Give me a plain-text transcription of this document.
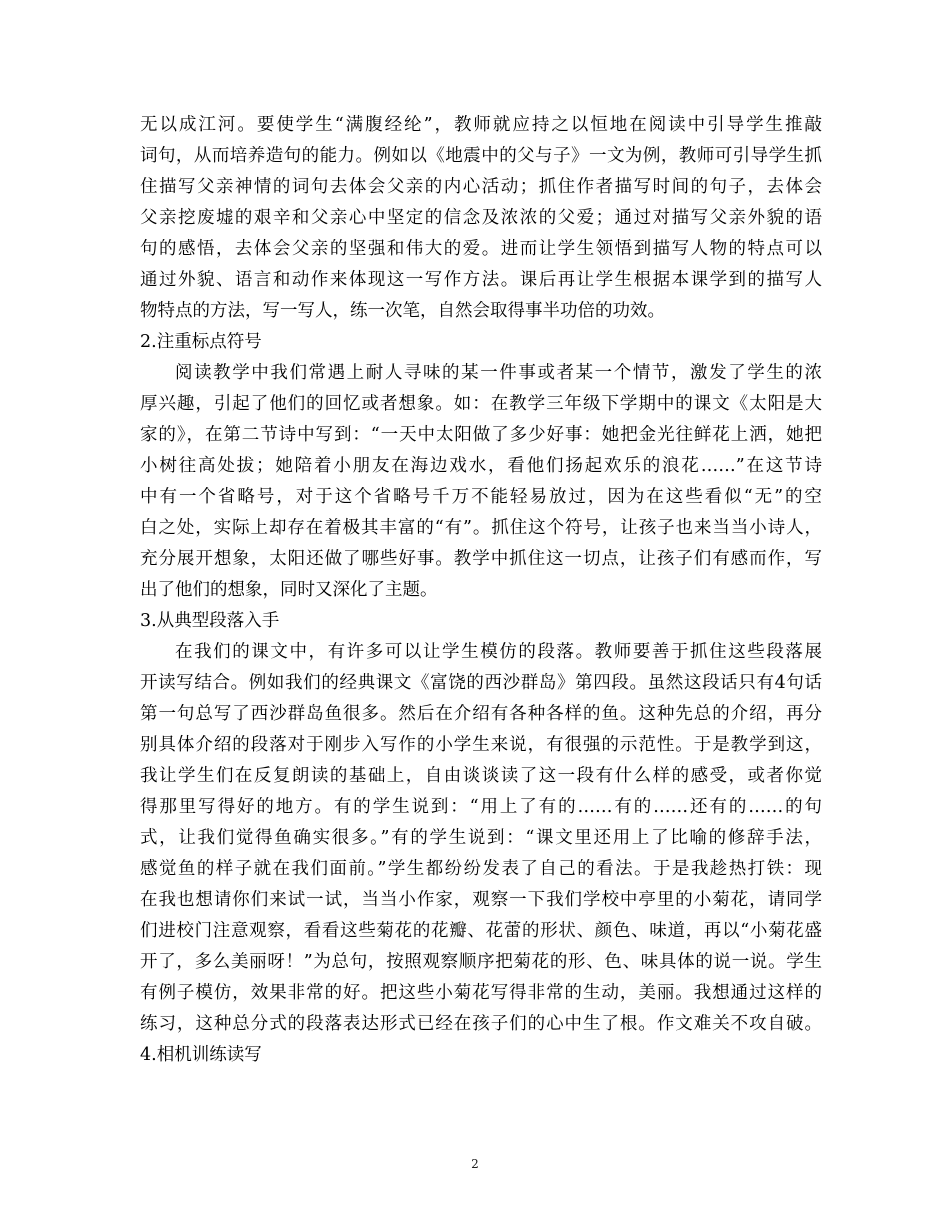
无以成江河。要使学生“满腹经纶”，教师就应持之以恒地在阅读中引导学生推敲
词句，从而培养造句的能力。例如以《地震中的父与子》一文为例，教师可引导学生抓
住描写父亲神情的词句去体会父亲的内心活动；抓住作者描写时间的句子，去体会
父亲挖废墟的艰辛和父亲心中坚定的信念及浓浓的父爱；通过对描写父亲外貌的语
句的感悟，去体会父亲的坚强和伟大的爱。进而让学生领悟到描写人物的特点可以
通过外貌、语言和动作来体现这一写作方法。课后再让学生根据本课学到的描写人
物特点的方法，写一写人，练一次笔，自然会取得事半功倍的功效。
2.注重标点符号
阅读教学中我们常遇上耐人寻味的某一件事或者某一个情节，激发了学生的浓
厚兴趣，引起了他们的回忆或者想象。如：在教学三年级下学期中的课文《太阳是大
家的》，在第二节诗中写到：“一天中太阳做了多少好事：她把金光往鲜花上洒，她把
小树往高处拔；她陪着小朋友在海边戏水，看他们扬起欢乐的浪花……”在这节诗
中有一个省略号，对于这个省略号千万不能轻易放过，因为在这些看似“无”的空
白之处，实际上却存在着极其丰富的“有”。抓住这个符号，让孩子也来当当小诗人，
充分展开想象，太阳还做了哪些好事。教学中抓住这一切点，让孩子们有感而作，写
出了他们的想象，同时又深化了主题。
3.从典型段落入手
在我们的课文中，有许多可以让学生模仿的段落。教师要善于抓住这些段落展
开读写结合。例如我们的经典课文《富饶的西沙群岛》第四段。虽然这段话只有4句话
第一句总写了西沙群岛鱼很多。然后在介绍有各种各样的鱼。这种先总的介绍，再分
别具体介绍的段落对于刚步入写作的小学生来说，有很强的示范性。于是教学到这，
我让学生们在反复朗读的基础上，自由谈谈读了这一段有什么样的感受，或者你觉
得那里写得好的地方。有的学生说到：“用上了有的……有的……还有的……的句
式，让我们觉得鱼确实很多。”有的学生说到：“课文里还用上了比喻的修辞手法，
感觉鱼的样子就在我们面前。”学生都纷纷发表了自己的看法。于是我趁热打铁：现
在我也想请你们来试一试，当当小作家，观察一下我们学校中亭里的小菊花，请同学
们进校门注意观察，看看这些菊花的花瓣、花蕾的形状、颜色、味道，再以“小菊花盛
开了，多么美丽呀！”为总句，按照观察顺序把菊花的形、色、味具体的说一说。学生
有例子模仿，效果非常的好。把这些小菊花写得非常的生动，美丽。我想通过这样的
练习，这种总分式的段落表达形式已经在孩子们的心中生了根。作文难关不攻自破。
4.相机训练读写
2
